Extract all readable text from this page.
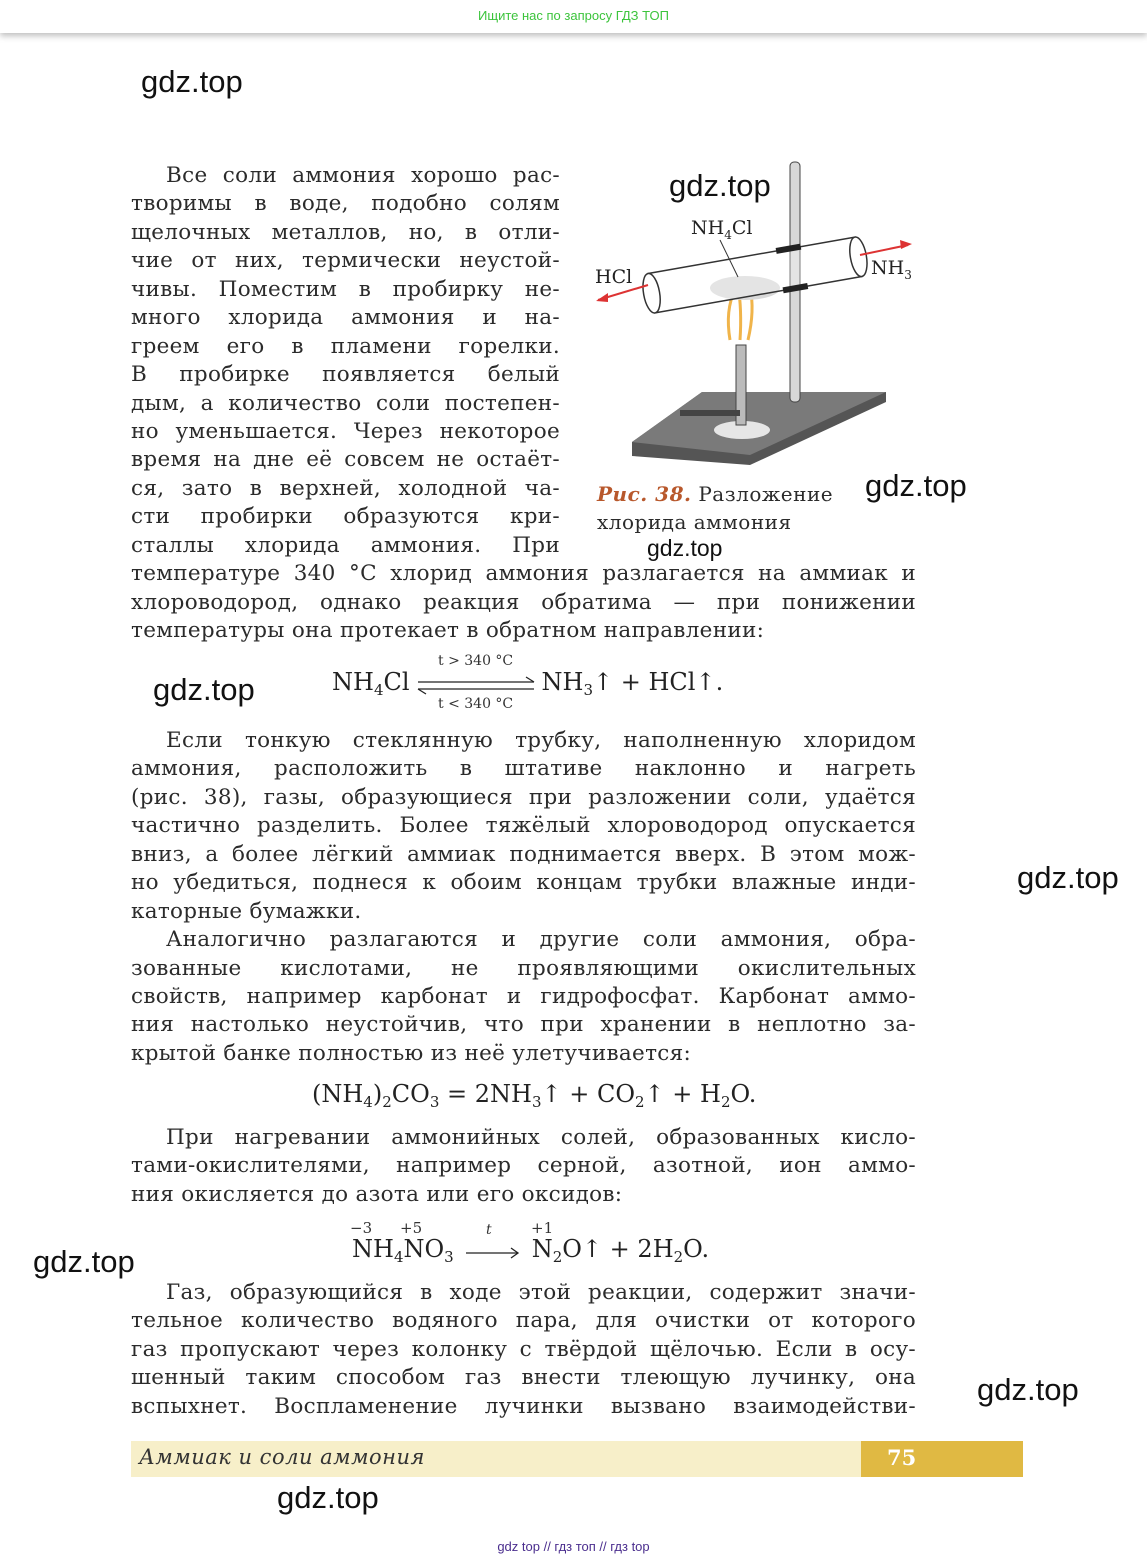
Ищите нас по запросу ГДЗ ТОП
gdz.top
gdz.top
gdz.top
gdz.top
gdz.top
gdz.top
gdz.top
gdz.top
gdz.top
HCl
$NH_4Cl$
$NH_3$
Рис. 38. Разложение
хлорида аммония
Все соли аммония хорошо рас-
творимы в воде, подобно солям
щелочных металлов, но, в отли-
чие от них, термически неустой-
чивы. Поместим в пробирку не-
много хлорида аммония и на-
греем его в пламени горелки.
В пробирке появляется белый
дым, а количество соли постепен-
но уменьшается. Через некоторое
время на дне её совсем не остаёт-
ся, зато в верхней, холодной ча-
сти пробирки образуются кри-
сталлы хлорида аммония. При
температуре 340 °C хлорид аммония разлагается на аммиак и
хлороводород, однако реакция обратима — при понижении
температуры она протекает в обратном направлении:
Если тонкую стеклянную трубку, наполненную хлоридом
аммония, расположить в штативе наклонно и нагреть
(рис. 38), газы, образующиеся при разложении соли, удаётся
частично разделить. Более тяжёлый хлороводород опускается
вниз, а более лёгкий аммиак поднимается вверх. В этом мож-
но убедиться, поднеся к обоим концам трубки влажные инди-
каторные бумажки.
Аналогично разлагаются и другие соли аммония, обра-
зованные кислотами, не проявляющими окислительных
свойств, например карбонат и гидрофосфат. Карбонат аммо-
ния настолько неустойчив, что при хранении в неплотно за-
крытой банке полностью из неё улетучивается:
При нагревании аммонийных солей, образованных кисло-
тами-окислителями, например серной, азотной, ион аммо-
ния окисляется до азота или его оксидов:
Газ, образующийся в ходе этой реакции, содержит значи-
тельное количество водяного пара, для очистки от которого
газ пропускают через колонку с твёрдой щёлочью. Если в осу-
шенный таким способом газ внести тлеющую лучинку, она
вспыхнет. Воспламенение лучинки вызвано взаимодействи-
$NH_4Cl$	$NH_3↑$ + HCl↑.
t > 340 °C
t < 340 °C
$(NH_4)_2CO_3$ = $2NH_3↑$ + $CO_2↑ + H_2O$.
−3 +5	+1
t
$NH_4NO_3$	$N_2O↑ + 2H_2O$.
Аммиак и соли аммония	75
gdz top // гдз топ // гдз top
